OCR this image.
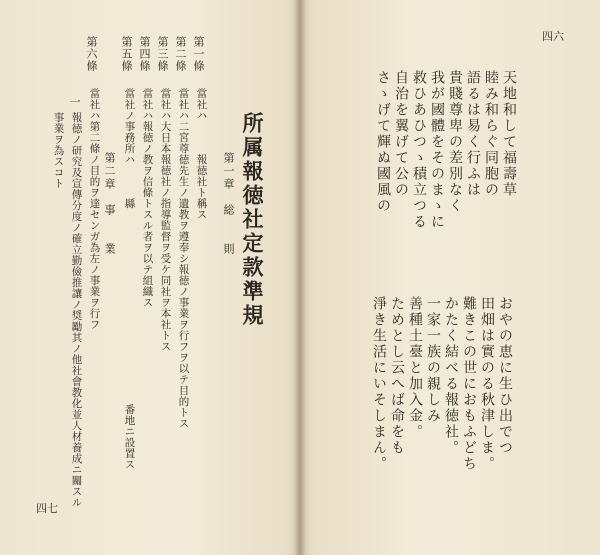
所属報徳社定款準規
第一章　総　　則
第一條
當社ハ　　　報徳社ト稱ス
第二條
當社ハ二宮尊徳先生ノ遺教ヲ遵奉シ報徳ノ事業ヲ行フヲ以テ目的トス
第三條
當社ハ大日本報徳社ノ指導監督ヲ受ケ同社ヲ本社トス
第四條
當社ハ報徳ノ教ヲ信條トスル者ヲ以テ組織ス
第五條
當社ノ事務所ハ　　　縣
番地ニ設置ス
第二章　事　　業
第六條
當社ハ第二條ノ目的ヲ達センガ為左ノ事業ヲ行フ
一
報徳ノ研究及宣傳分度ノ確立勤儉推讓ノ奨勵其ノ他社會教化並人材養成ニ關スル
事業ヲ為スコト
四七
天地和して福壽草
睦み和らぐ同胞の
語るは易く行ふは
貴賤尊卑の差別なく
我が國體をそのまゝに
救ひあひつゝ積立つる
自治を翼げて公の
さゝげて輝ぬ國風の
おやの恵に生ひ出でつ
田畑は實のる秋津しま。
難きこの世におもふどち
かたく結べる報徳社。
一家一族の親しみ
善種土臺と加入金。
ためとし云へば命をも
淨き生活にいそしまん。
四六
